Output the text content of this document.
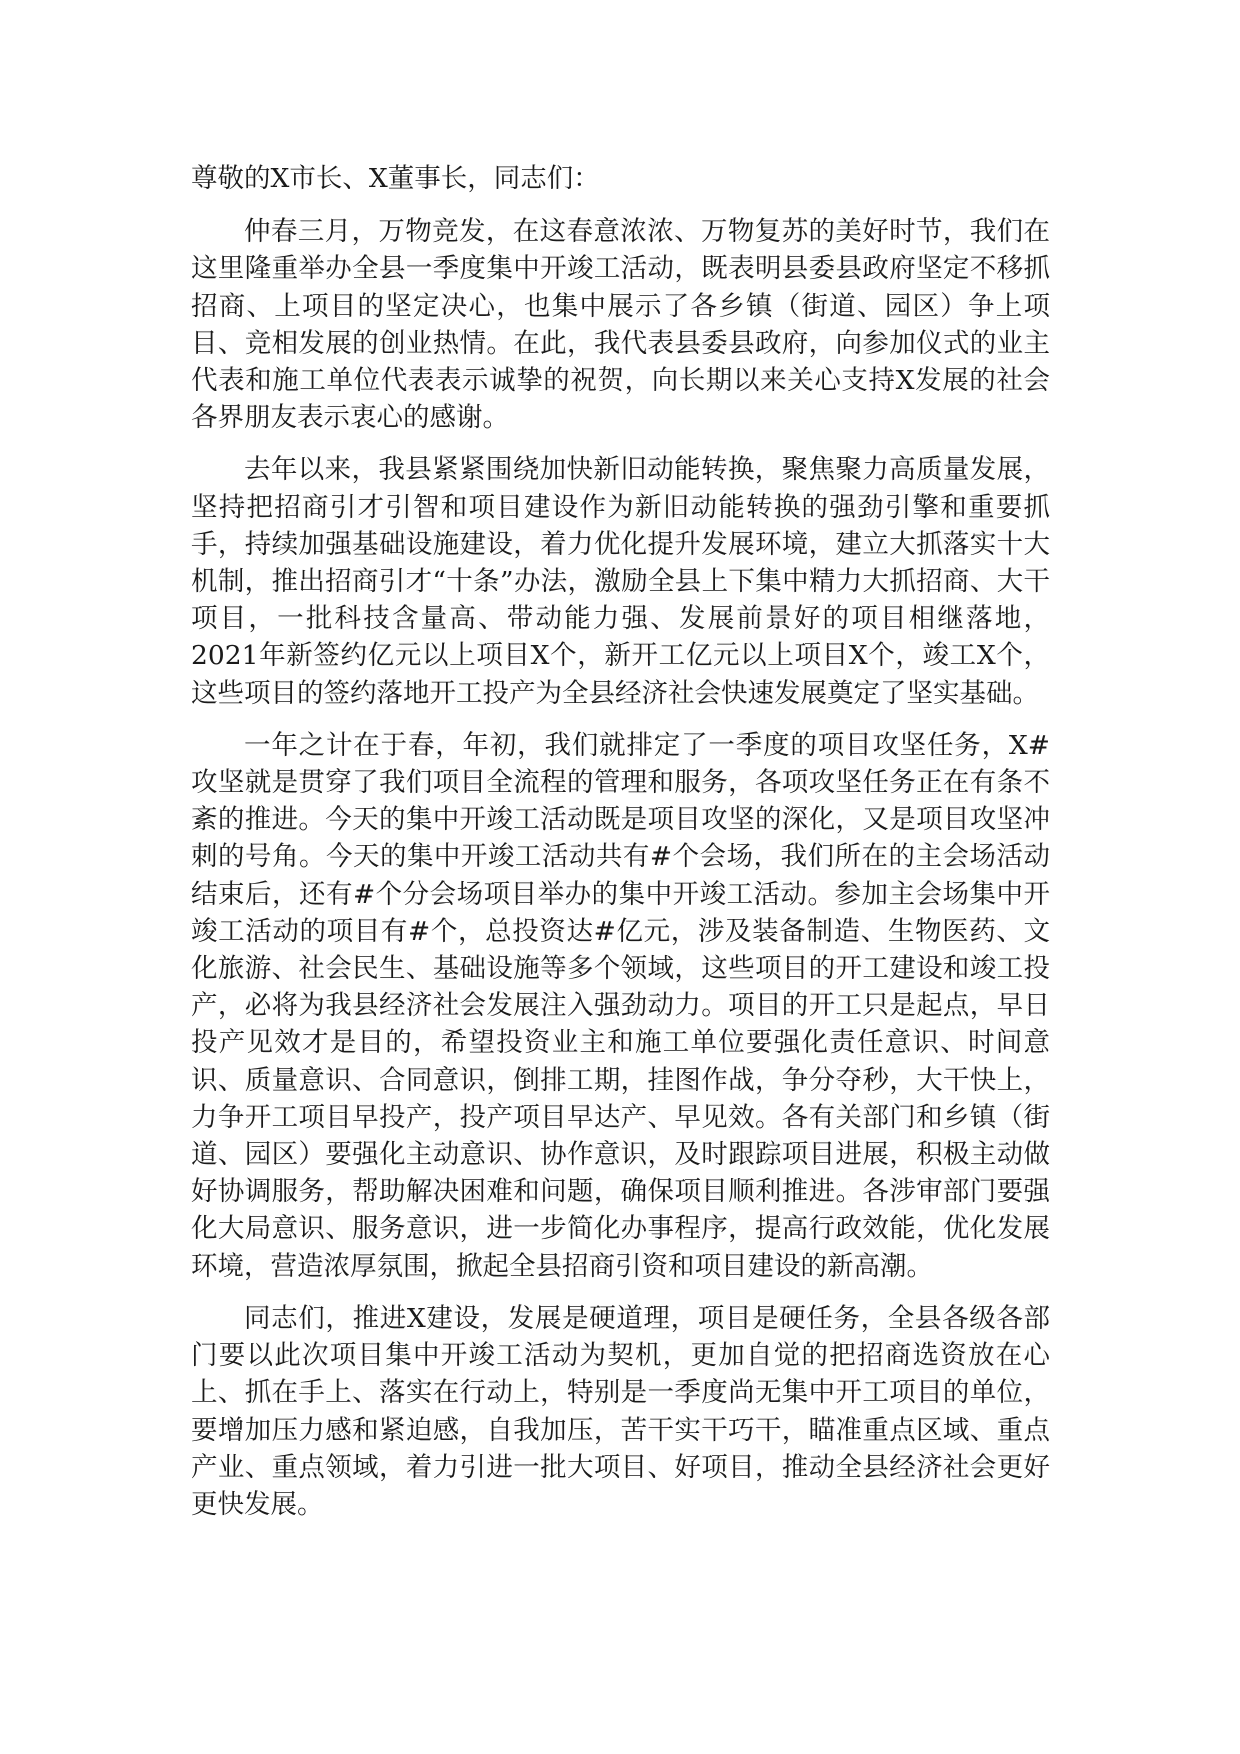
尊敬的X市长、X董事长，同志们：

仲春三月，万物竞发，在这春意浓浓、万物复苏的美好时节，我们在这里隆重举办全县一季度集中开竣工活动，既表明县委县政府坚定不移抓招商、上项目的坚定决心，也集中展示了各乡镇（街道、园区）争上项目、竞相发展的创业热情。在此，我代表县委县政府，向参加仪式的业主代表和施工单位代表表示诚挚的祝贺，向长期以来关心支持X发展的社会各界朋友表示衷心的感谢。

去年以来，我县紧紧围绕加快新旧动能转换，聚焦聚力高质量发展，坚持把招商引才引智和项目建设作为新旧动能转换的强劲引擎和重要抓手，持续加强基础设施建设，着力优化提升发展环境，建立大抓落实十大机制，推出招商引才“十条”办法，激励全县上下集中精力大抓招商、大干项目，一批科技含量高、带动能力强、发展前景好的项目相继落地，2021年新签约亿元以上项目X个，新开工亿元以上项目X个，竣工X个，这些项目的签约落地开工投产为全县经济社会快速发展奠定了坚实基础。

一年之计在于春，年初，我们就排定了一季度的项目攻坚任务，X#攻坚就是贯穿了我们项目全流程的管理和服务，各项攻坚任务正在有条不紊的推进。今天的集中开竣工活动既是项目攻坚的深化，又是项目攻坚冲刺的号角。今天的集中开竣工活动共有#个会场，我们所在的主会场活动结束后，还有#个分会场项目举办的集中开竣工活动。参加主会场集中开竣工活动的项目有#个，总投资达#亿元，涉及装备制造、生物医药、文化旅游、社会民生、基础设施等多个领域，这些项目的开工建设和竣工投产，必将为我县经济社会发展注入强劲动力。项目的开工只是起点，早日投产见效才是目的，希望投资业主和施工单位要强化责任意识、时间意识、质量意识、合同意识，倒排工期，挂图作战，争分夺秒，大干快上，力争开工项目早投产，投产项目早达产、早见效。各有关部门和乡镇（街道、园区）要强化主动意识、协作意识，及时跟踪项目进展，积极主动做好协调服务，帮助解决困难和问题，确保项目顺利推进。各涉审部门要强化大局意识、服务意识，进一步简化办事程序，提高行政效能，优化发展环境，营造浓厚氛围，掀起全县招商引资和项目建设的新高潮。

同志们，推进X建设，发展是硬道理，项目是硬任务，全县各级各部门要以此次项目集中开竣工活动为契机，更加自觉的把招商选资放在心上、抓在手上、落实在行动上，特别是一季度尚无集中开工项目的单位，要增加压力感和紧迫感，自我加压，苦干实干巧干，瞄准重点区域、重点产业、重点领域，着力引进一批大项目、好项目，推动全县经济社会更好更快发展。
